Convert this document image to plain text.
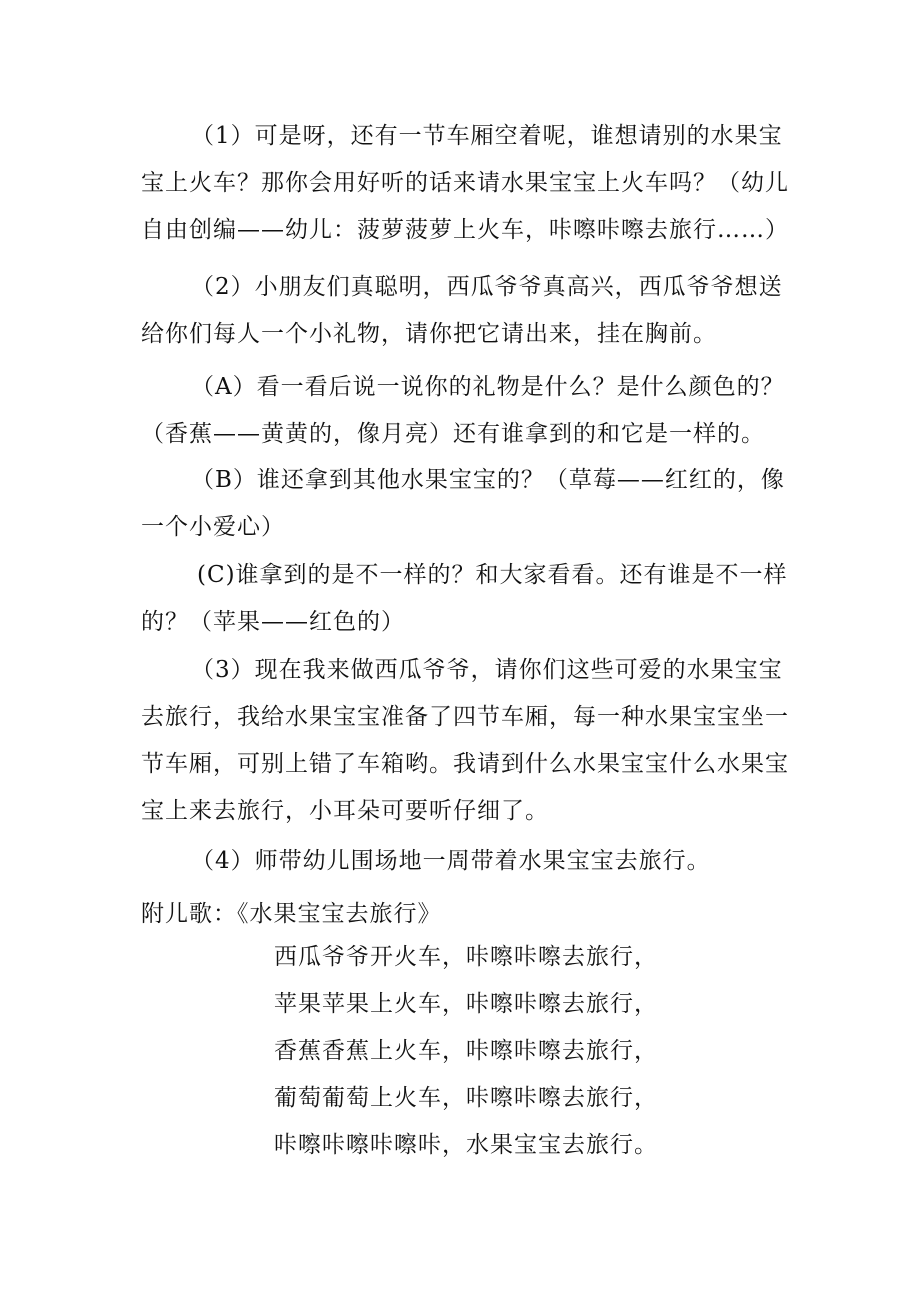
（1）可是呀，还有一节车厢空着呢，谁想请别的水果宝宝上火车？那你会用好听的话来请水果宝宝上火车吗？（幼儿自由创编——幼儿：菠萝菠萝上火车，咔嚓咔嚓去旅行……）

（2）小朋友们真聪明，西瓜爷爷真高兴，西瓜爷爷想送给你们每人一个小礼物，请你把它请出来，挂在胸前。

（A）看一看后说一说你的礼物是什么？是什么颜色的？（香蕉——黄黄的，像月亮）还有谁拿到的和它是一样的。

（B）谁还拿到其他水果宝宝的？（草莓——红红的，像一个小爱心）

(C)谁拿到的是不一样的？和大家看看。还有谁是不一样的？（苹果——红色的）

（3）现在我来做西瓜爷爷，请你们这些可爱的水果宝宝去旅行，我给水果宝宝准备了四节车厢，每一种水果宝宝坐一节车厢，可别上错了车箱哟。我请到什么水果宝宝什么水果宝宝上来去旅行，小耳朵可要听仔细了。

（4）师带幼儿围场地一周带着水果宝宝去旅行。

附儿歌：《水果宝宝去旅行》

西瓜爷爷开火车，咔嚓咔嚓去旅行，
苹果苹果上火车，咔嚓咔嚓去旅行，
香蕉香蕉上火车，咔嚓咔嚓去旅行，
葡萄葡萄上火车，咔嚓咔嚓去旅行，
咔嚓咔嚓咔嚓咔，水果宝宝去旅行。
